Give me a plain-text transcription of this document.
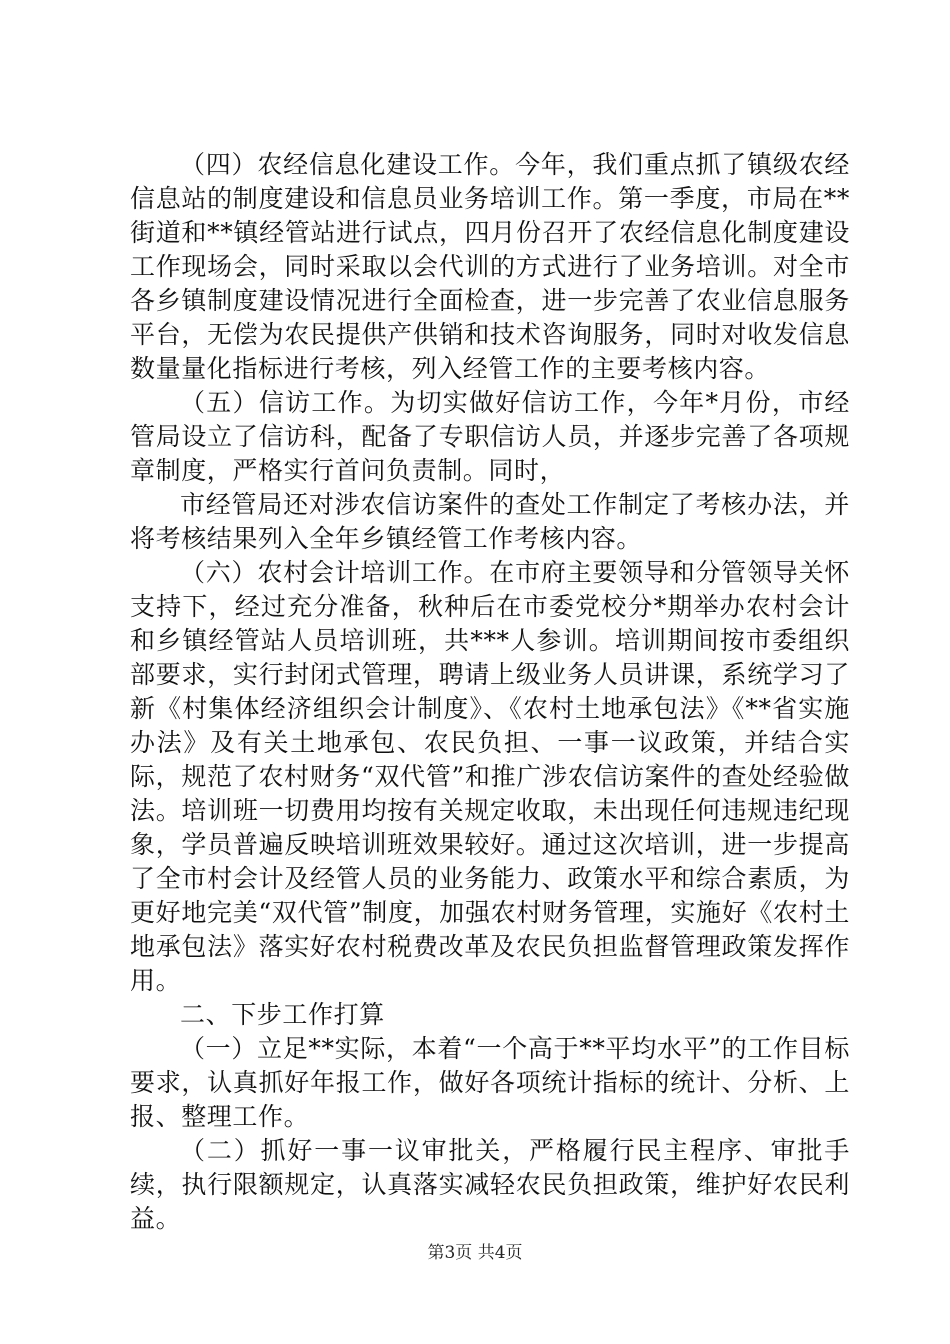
（四）农经信息化建设工作。今年，我们重点抓了镇级农经信息站的制度建设和信息员业务培训工作。第一季度，市局在**街道和**镇经管站进行试点，四月份召开了农经信息化制度建设工作现场会，同时采取以会代训的方式进行了业务培训。对全市各乡镇制度建设情况进行全面检查，进一步完善了农业信息服务平台，无偿为农民提供产供销和技术咨询服务，同时对收发信息数量量化指标进行考核，列入经管工作的主要考核内容。

（五）信访工作。为切实做好信访工作，今年*月份，市经管局设立了信访科，配备了专职信访人员，并逐步完善了各项规章制度，严格实行首问负责制。同时，

市经管局还对涉农信访案件的查处工作制定了考核办法，并将考核结果列入全年乡镇经管工作考核内容。

（六）农村会计培训工作。在市府主要领导和分管领导关怀支持下，经过充分准备，秋种后在市委党校分*期举办农村会计和乡镇经管站人员培训班，共***人参训。培训期间按市委组织部要求，实行封闭式管理，聘请上级业务人员讲课，系统学习了新《村集体经济组织会计制度》、《农村土地承包法》《**省实施办法》及有关土地承包、农民负担、一事一议政策，并结合实际，规范了农村财务“双代管”和推广涉农信访案件的查处经验做法。培训班一切费用均按有关规定收取，未出现任何违规违纪现象，学员普遍反映培训班效果较好。通过这次培训，进一步提高了全市村会计及经管人员的业务能力、政策水平和综合素质，为更好地完美“双代管”制度，加强农村财务管理，实施好《农村土地承包法》落实好农村税费改革及农民负担监督管理政策发挥作用。

二、下步工作打算

（一）立足**实际，本着“一个高于**平均水平”的工作目标要求，认真抓好年报工作，做好各项统计指标的统计、分析、上报、整理工作。

（二）抓好一事一议审批关，严格履行民主程序、审批手续，执行限额规定，认真落实减轻农民负担政策，维护好农民利益。

第3页 共4页
